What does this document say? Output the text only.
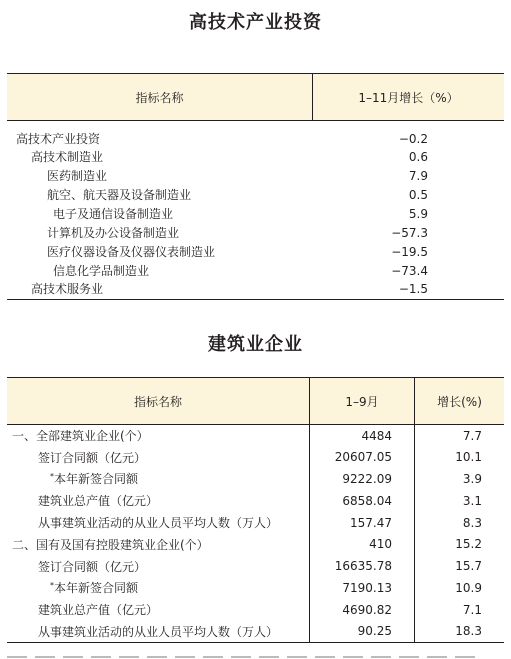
高技术产业投资
指标名称	1–11月增长（%）
高技术产业投资	−0.2
高技术制造业	0.6
医药制造业	7.9
航空、航天器及设备制造业	0.5
电子及通信设备制造业	5.9
计算机及办公设备制造业	−57.3
医疗仪器设备及仪器仪表制造业	−19.5
信息化学品制造业	−73.4
高技术服务业	−1.5
建筑业企业
指标名称	1–9月	增长(%)
一、全部建筑业企业(个）	4484	7.7
签订合同额（亿元）	20607.05	10.1
*本年新签合同额	9222.09	3.9
建筑业总产值（亿元）	6858.04	3.1
从事建筑业活动的从业人员平均人数（万人）	157.47	8.3
二、国有及国有控股建筑业企业(个）	410	15.2
签订合同额（亿元）	16635.78	15.7
*本年新签合同额	7190.13	10.9
建筑业总产值（亿元）	4690.82	7.1
从事建筑业活动的从业人员平均人数（万人）	90.25	18.3
